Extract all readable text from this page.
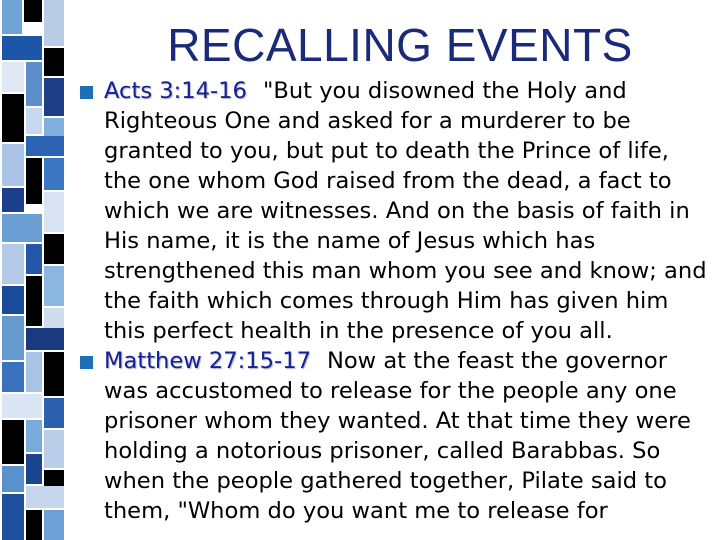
RECALLING EVENTS
Acts 3:14-16 "But you disowned the Holy and Righteous One and asked for a murderer to be granted to you, but put to death the Prince of life, the one whom God raised from the dead, a fact to which we are witnesses. And on the basis of faith in His name, it is the name of Jesus which has strengthened this man whom you see and know; and the faith which comes through Him has given him this perfect health in the presence of you all.
Matthew 27:15-17 Now at the feast the governor was accustomed to release for the people any one prisoner whom they wanted. At that time they were holding a notorious prisoner, called Barabbas. So when the people gathered together, Pilate said to them, "Whom do you want me to release for
